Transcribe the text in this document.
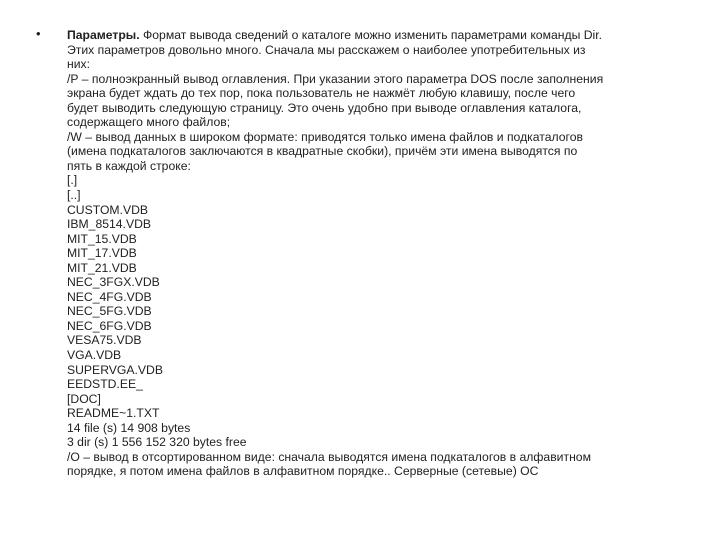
• Параметры. Формат вывода сведений о каталоге можно изменить параметрами команды Dir.
Этих параметров довольно много. Сначала мы расскажем о наиболее употребительных из
них:
/P – полноэкранный вывод оглавления. При указании этого параметра DOS после заполнения
экрана будет ждать до тех пор, пока пользователь не нажмёт любую клавишу, после чего
будет выводить следующую страницу. Это очень удобно при выводе оглавления каталога,
содержащего много файлов;
/W – вывод данных в широком формате: приводятся только имена файлов и подкаталогов
(имена подкаталогов заключаются в квадратные скобки), причём эти имена выводятся по
пять в каждой строке:
[.]
[..]
CUSTOM.VDB
IBM_8514.VDB
MIT_15.VDB
MIT_17.VDB
MIT_21.VDB
NEC_3FGX.VDB
NEC_4FG.VDB
NEC_5FG.VDB
NEC_6FG.VDB
VESA75.VDB
VGA.VDB
SUPERVGA.VDB
EEDSTD.EE_
[DOC]
README~1.TXT
14 file (s) 14 908 bytes
3 dir (s) 1 556 152 320 bytes free
/O – вывод в отсортированном виде: сначала выводятся имена подкаталогов в алфавитном
порядке, я потом имена файлов в алфавитном порядке.. Серверные (сетевые) ОС
